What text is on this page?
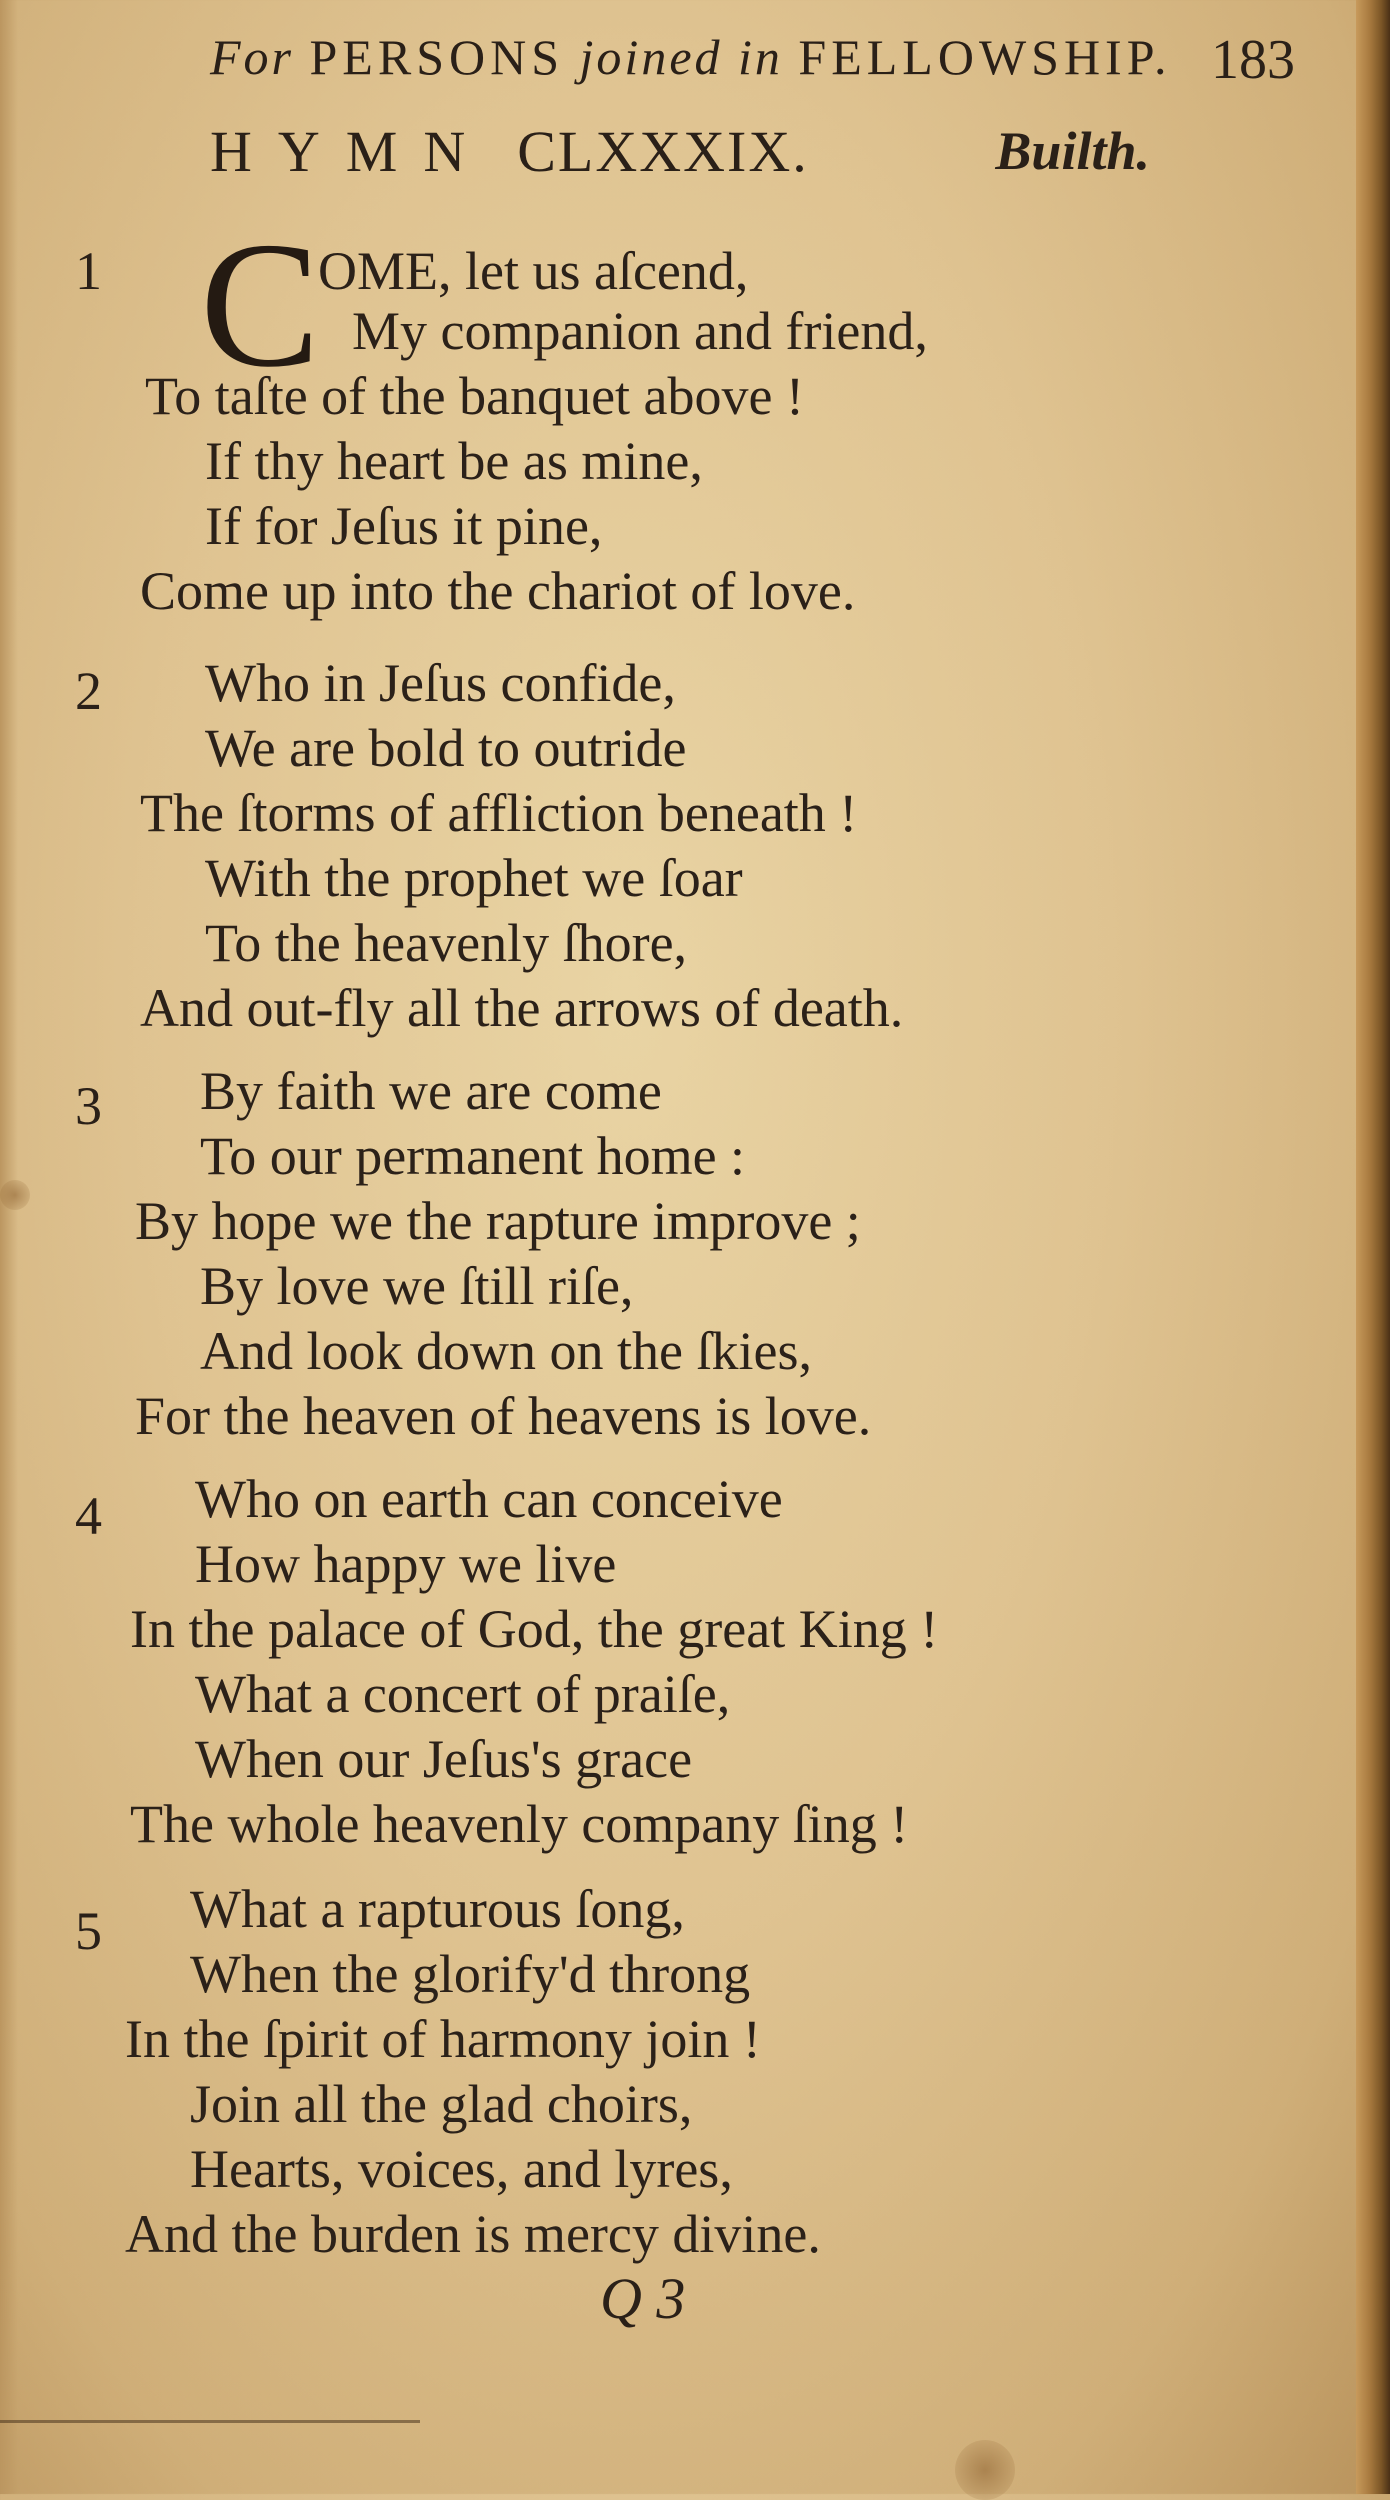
For PERSONS joined in FELLOWSHIP. 183
HYMN CLXXXIX.	Builth.
1 C
OME, let us aſcend,
My companion and friend,
To taſte of the banquet above !
If thy heart be as mine,
If for Jeſus it pine,
Come up into the chariot of love.
2 Who in Jeſus confide,
We are bold to outride
The ſtorms of affliction beneath !
With the prophet we ſoar
To the heavenly ſhore,
And out-fly all the arrows of death.
3 By faith we are come
To our permanent home :
By hope we the rapture improve ;
By love we ſtill riſe,
And look down on the ſkies,
For the heaven of heavens is love.
4 Who on earth can conceive
How happy we live
In the palace of God, the great King !
What a concert of praiſe,
When our Jeſus's grace
The whole heavenly company ſing !
5 What a rapturous ſong,
When the glorify'd throng
In the ſpirit of harmony join !
Join all the glad choirs,
Hearts, voices, and lyres,
And the burden is mercy divine.
Q 3
